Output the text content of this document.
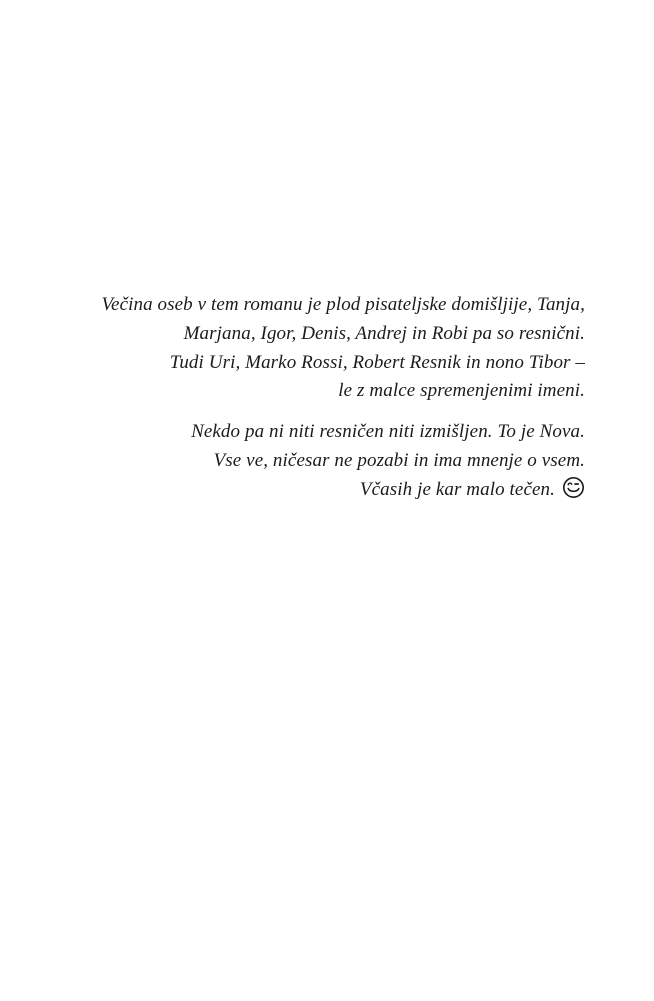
Večina oseb v tem romanu je plod pisateljske domišljije, Tanja,
Marjana, Igor, Denis, Andrej in Robi pa so resnični.
Tudi Uri, Marko Rossi, Robert Resnik in nono Tibor –
le z malce spremenjenimi imeni.
Nekdo pa ni niti resničen niti izmišljen. To je Nova.
Vse ve, ničesar ne pozabi in ima mnenje o vsem.
Včasih je kar malo tečen.
